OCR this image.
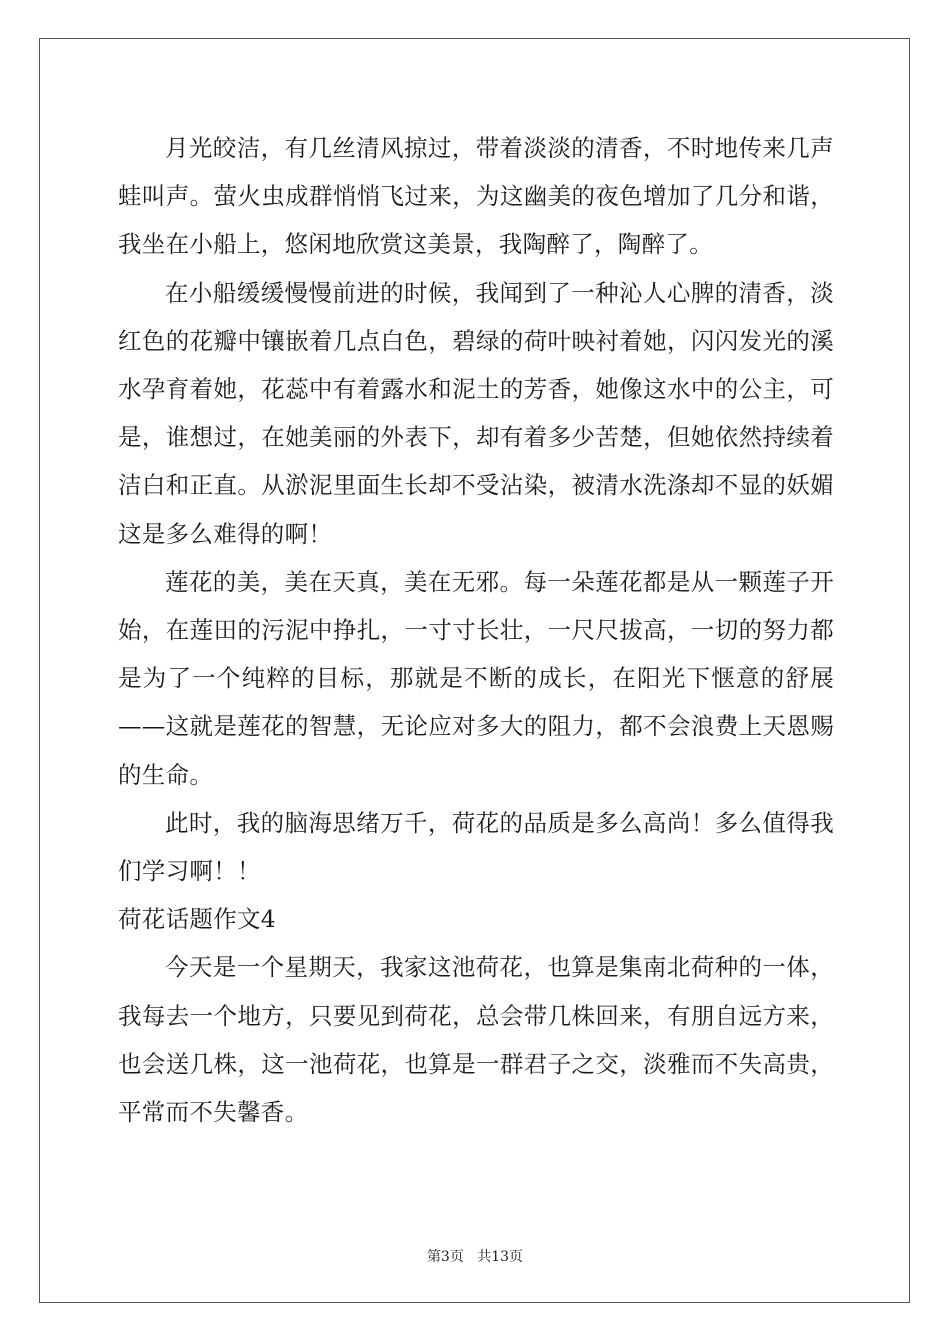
月光皎洁，有几丝清风掠过，带着淡淡的清香，不时地传来几声蛙叫声。萤火虫成群悄悄飞过来，为这幽美的夜色增加了几分和谐，我坐在小船上，悠闲地欣赏这美景，我陶醉了，陶醉了。

在小船缓缓慢慢前进的时候，我闻到了一种沁人心脾的清香，淡红色的花瓣中镶嵌着几点白色，碧绿的荷叶映衬着她，闪闪发光的溪水孕育着她，花蕊中有着露水和泥土的芳香，她像这水中的公主，可是，谁想过，在她美丽的外表下，却有着多少苦楚，但她依然持续着洁白和正直。从淤泥里面生长却不受沾染，被清水洗涤却不显的妖媚这是多么难得的啊！

莲花的美，美在天真，美在无邪。每一朵莲花都是从一颗莲子开始，在莲田的污泥中挣扎，一寸寸长壮，一尺尺拔高，一切的努力都是为了一个纯粹的目标，那就是不断的成长，在阳光下惬意的舒展——这就是莲花的智慧，无论应对多大的阻力，都不会浪费上天恩赐的生命。

此时，我的脑海思绪万千，荷花的品质是多么高尚！多么值得我们学习啊！！

荷花话题作文4

今天是一个星期天，我家这池荷花，也算是集南北荷种的一体，我每去一个地方，只要见到荷花，总会带几株回来，有朋自远方来，也会送几株，这一池荷花，也算是一群君子之交，淡雅而不失高贵，平常而不失馨香。

第3页 共13页
